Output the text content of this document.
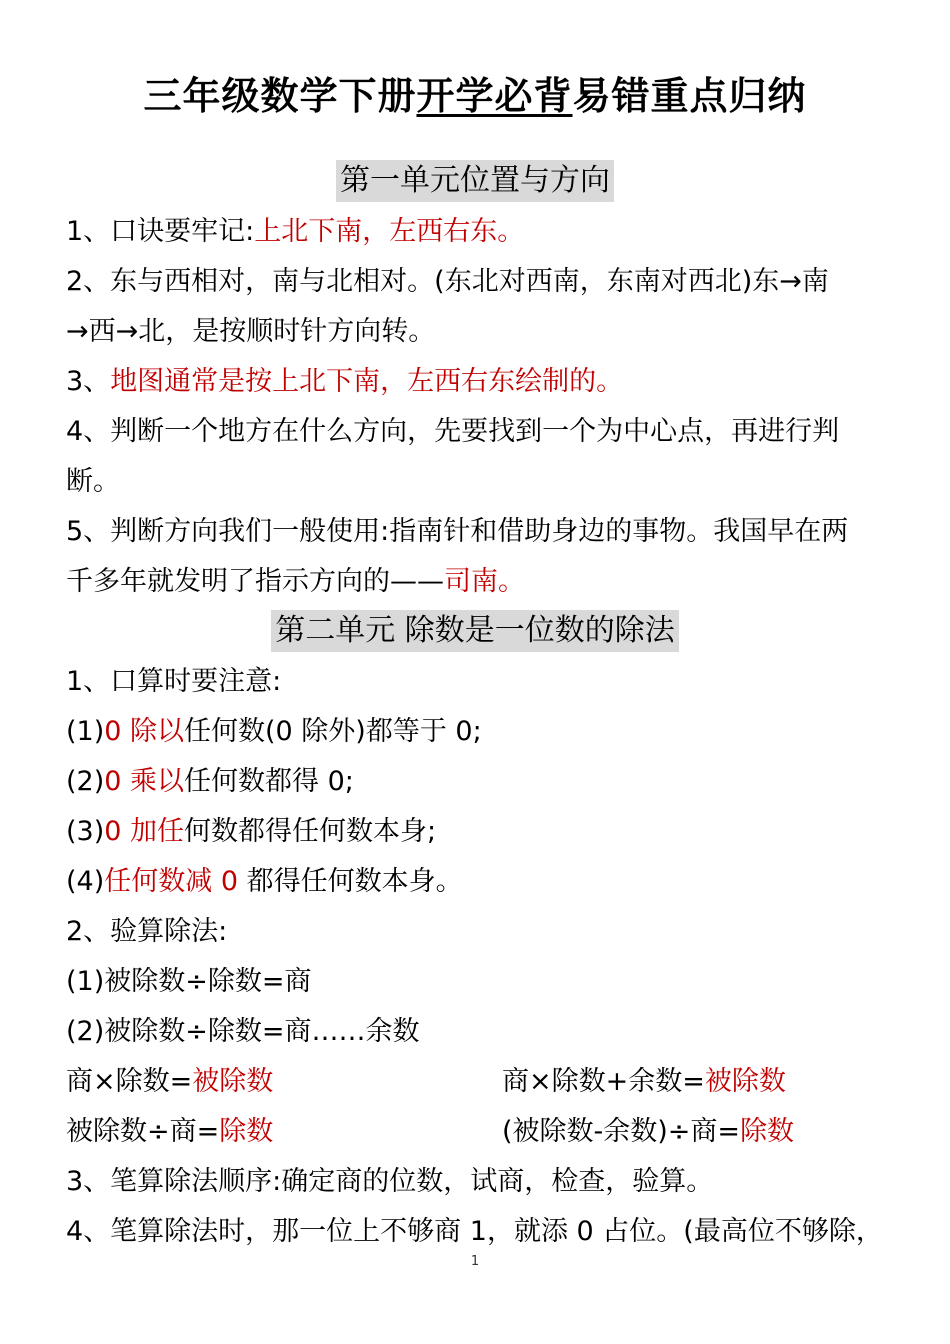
三年级数学下册开学必背易错重点归纳
第一单元位置与方向
1、口诀要牢记:上北下南，左西右东。
2、东与西相对，南与北相对。(东北对西南，东南对西北)东→南
→西→北，是按顺时针方向转。
3、地图通常是按上北下南，左西右东绘制的。
4、判断一个地方在什么方向，先要找到一个为中心点，再进行判
断。
5、判断方向我们一般使用:指南针和借助身边的事物。我国早在两
千多年就发明了指示方向的——司南。
第二单元 除数是一位数的除法
1、口算时要注意:
(1)0 除以任何数(0 除外)都等于 0;
(2)0 乘以任何数都得 0;
(3)0 加任何数都得任何数本身;
(4)任何数减 0 都得任何数本身。
2、验算除法:
(1)被除数÷除数=商
(2)被除数÷除数=商……余数
商×除数=被除数	商×除数+余数=被除数
被除数÷商=除数	(被除数-余数)÷商=除数
3、笔算除法顺序:确定商的位数，试商，检查，验算。
4、笔算除法时，那一位上不够商 1，就添 0 占位。(最高位不够除，
1
